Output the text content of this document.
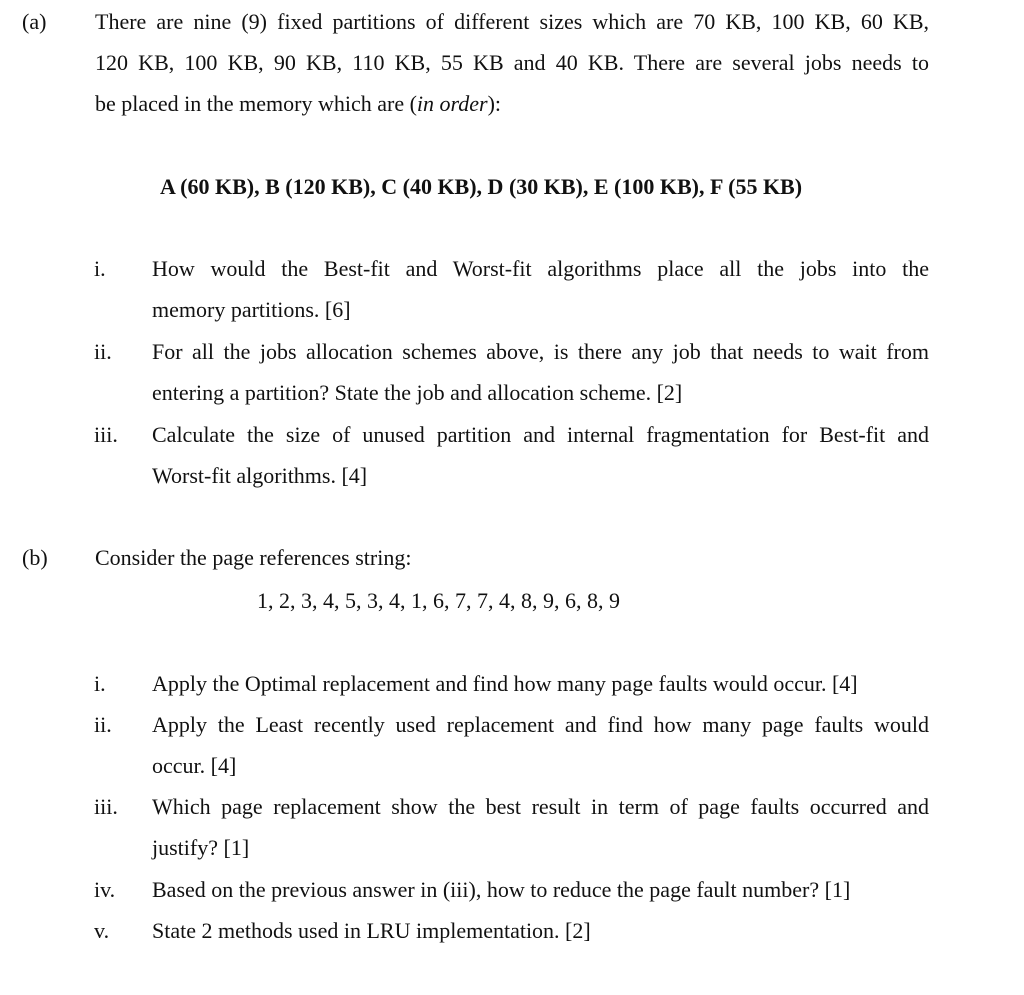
(a) There are nine (9) fixed partitions of different sizes which are 70 KB, 100 KB, 60 KB,
120 KB, 100 KB, 90 KB, 110 KB, 55 KB and 40 KB. There are several jobs needs to
be placed in the memory which are (in order):
A (60 KB), B (120 KB), C (40 KB), D (30 KB), E (100 KB), F (55 KB)
i. How would the Best-fit and Worst-fit algorithms place all the jobs into the
memory partitions. [6]
ii. For all the jobs allocation schemes above, is there any job that needs to wait from
entering a partition? State the job and allocation scheme. [2]
iii. Calculate the size of unused partition and internal fragmentation for Best-fit and
Worst-fit algorithms. [4]
(b) Consider the page references string:
1, 2, 3, 4, 5, 3, 4, 1, 6, 7, 7, 4, 8, 9, 6, 8, 9
i. Apply the Optimal replacement and find how many page faults would occur. [4]
ii. Apply the Least recently used replacement and find how many page faults would
occur. [4]
iii. Which page replacement show the best result in term of page faults occurred and
justify? [1]
iv. Based on the previous answer in (iii), how to reduce the page fault number? [1]
v. State 2 methods used in LRU implementation. [2]
